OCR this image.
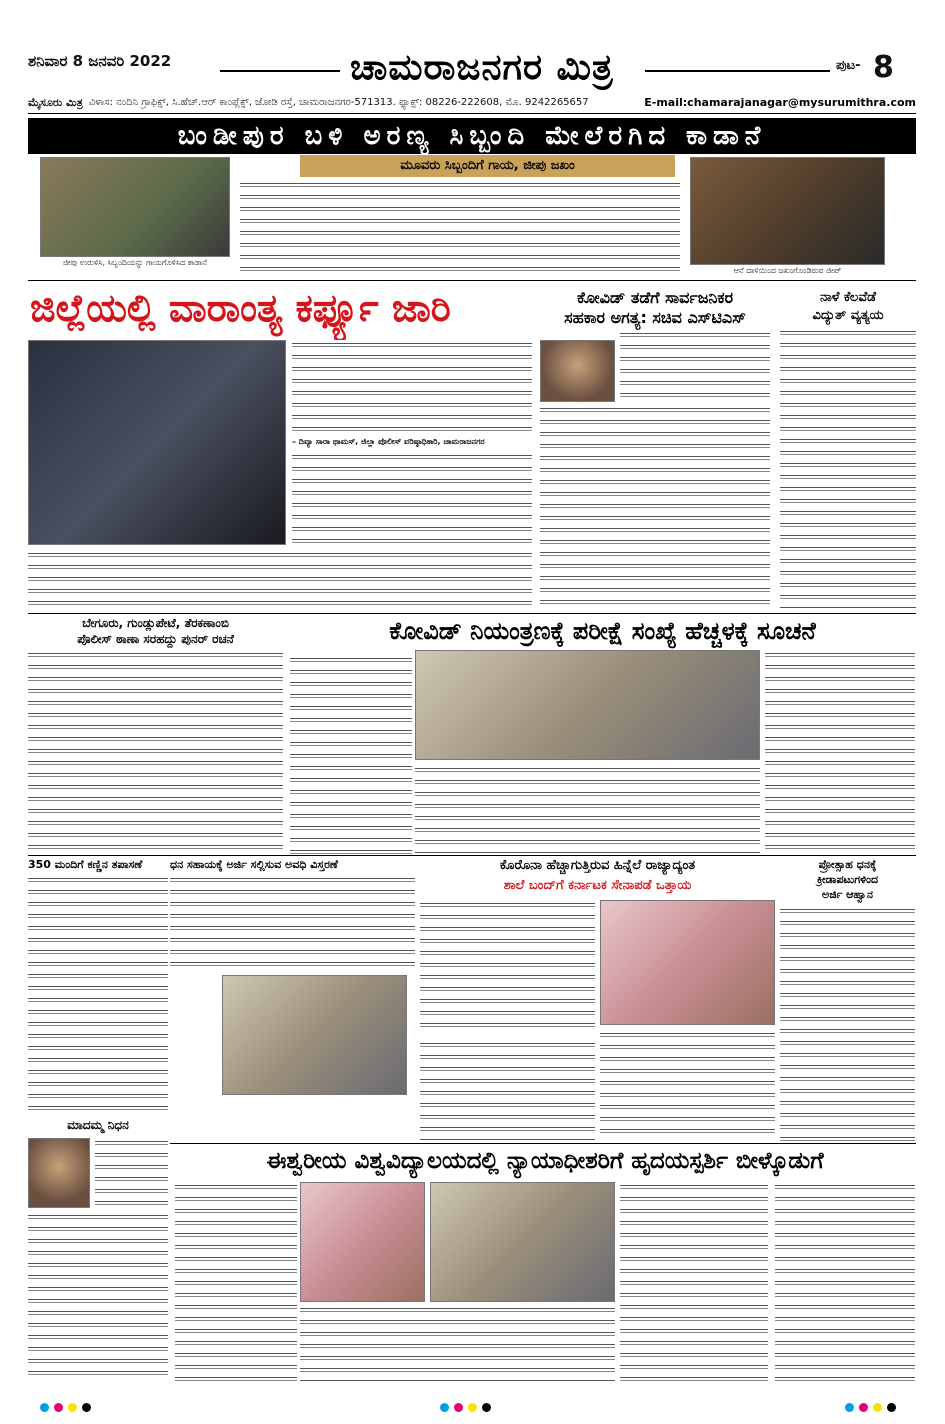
ಶನಿವಾರ 8 ಜನವರಿ 2022	ಚಾಮರಾಜನಗರ ಮಿತ್ರ	ಪುಟ- 8
ಮೈಸೂರು ಮಿತ್ರ ವಿಳಾಸ: ನಂದಿನಿ ಗ್ರಾಫಿಕ್ಸ್, ಸಿ.ಹೆಚ್.ಆರ್ ಕಾಂಪ್ಲೆಕ್ಸ್, ಜೋಡಿ ರಸ್ತೆ, ಚಾಮರಾಜನಗರ-571313. ಫ್ಯಾಕ್ಸ್: 08226-222608, ಮೊ. 9242265657	E-mail:chamarajanagar@mysurumithra.com
ಬಂಡೀಪುರ ಬಳಿ ಅರಣ್ಯ ಸಿಬ್ಬಂದಿ ಮೇಲೆರಗಿದ ಕಾಡಾನೆ
ಮೂವರು ಸಿಬ್ಬಂದಿಗೆ ಗಾಯ, ಜೀಪು ಜಖಂ
ಜೀಪು ಉರುಳಿಸಿ, ಸಿಬ್ಬಂದಿಯನ್ನು ಗಾಯಗೊಳಿಸಿದ ಕಾಡಾನೆ
ಆನೆ ದಾಳಿಯಿಂದ ಜಖಂಗೊಂಡಿರುವ ಜೀಪ್
ಜಿಲ್ಲೆಯಲ್ಲಿ ವಾರಾಂತ್ಯ ಕರ್ಫ್ಯೂ ಜಾರಿ
– ದಿವ್ಯಾ ಸಾರಾ ಥಾಮಸ್, ಜಿಲ್ಲಾ ಪೊಲೀಸ್ ವರಿಷ್ಠಾಧಿಕಾರಿ, ಚಾಮರಾಜನಗರ
ಕೋವಿಡ್ ತಡೆಗೆ ಸಾರ್ವಜನಿಕರ
ಸಹಕಾರ ಅಗತ್ಯ: ಸಚಿವ ಎಸ್‌ಟಿಎಸ್
ನಾಳೆ ಕೆಲವೆಡೆ
ವಿದ್ಯುತ್ ವ್ಯತ್ಯಯ
ಬೇಗೂರು, ಗುಂಡ್ಲುಪೇಟೆ, ತೆರಕಣಾಂಬಿ
ಪೊಲೀಸ್ ಠಾಣಾ ಸರಹದ್ದು ಪುನರ್ ರಚನೆ	ಕೋವಿಡ್ ನಿಯಂತ್ರಣಕ್ಕೆ ಪರೀಕ್ಷೆ ಸಂಖ್ಯೆ ಹೆಚ್ಚಳಕ್ಕೆ ಸೂಚನೆ
350 ಮಂದಿಗೆ ಕಣ್ಣಿನ ತಪಾಸಣೆ	ಧನ ಸಹಾಯಕ್ಕೆ ಅರ್ಜಿ ಸಲ್ಲಿಸುವ ಅವಧಿ ವಿಸ್ತರಣೆ	ಕೊರೊನಾ ಹೆಚ್ಚಾಗುತ್ತಿರುವ ಹಿನ್ನೆಲೆ ರಾಜ್ಯಾದ್ಯಂತ
ಶಾಲೆ ಬಂದ್‌ಗೆ ಕರ್ನಾಟಕ ಸೇನಾಪಡೆ ಒತ್ತಾಯ
ಪ್ರೋತ್ಸಾಹ ಧನಕ್ಕೆ
ಕ್ರೀಡಾಪಟುಗಳಿಂದ
ಅರ್ಜಿ ಆಹ್ವಾನ
ಮಾದಮ್ಮ ನಿಧನ
ಈಶ್ವರೀಯ ವಿಶ್ವವಿದ್ಯಾಲಯದಲ್ಲಿ ನ್ಯಾಯಾಧೀಶರಿಗೆ ಹೃದಯಸ್ಪರ್ಶಿ ಬೀಳ್ಕೊಡುಗೆ
